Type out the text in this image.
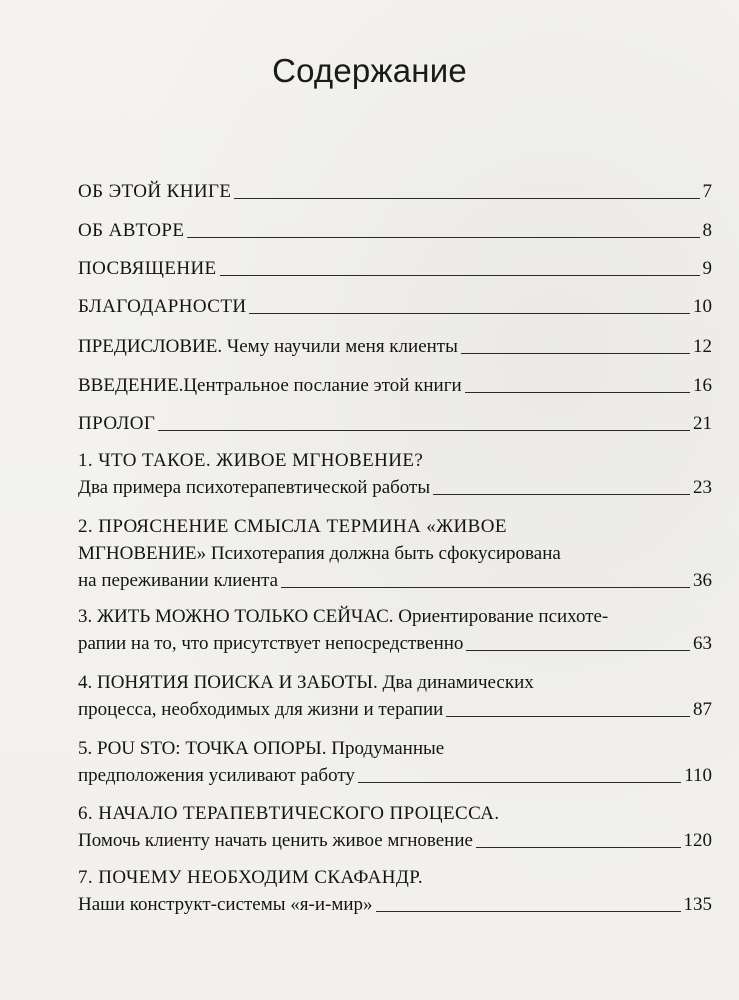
Содержание
ОБ ЭТОЙ КНИГЕ	7
ОБ АВТОРЕ	8
ПОСВЯЩЕНИЕ	9
БЛАГОДАРНОСТИ	10
ПРЕДИСЛОВИЕ. Чему научили меня клиенты	12
ВВЕДЕНИЕ.Центральное послание этой книги	16
ПРОЛОГ	21
1. ЧТО ТАКОЕ. ЖИВОЕ МГНОВЕНИЕ?
Два примера психотерапевтической работы	23
2. ПРОЯСНЕНИЕ СМЫСЛА ТЕРМИНА «ЖИВОЕ
МГНОВЕНИЕ» Психотерапия должна быть сфокусирована
на переживании клиента	36
3. ЖИТЬ МОЖНО ТОЛЬКО СЕЙЧАС. Ориентирование психоте-
рапии на то, что присутствует непосредственно	63
4. ПОНЯТИЯ ПОИСКА И ЗАБОТЫ. Два динамических
процесса, необходимых для жизни и терапии	87
5. POU STO: ТОЧКА ОПОРЫ. Продуманные
предположения усиливают работу	110
6. НАЧАЛО ТЕРАПЕВТИЧЕСКОГО ПРОЦЕССА.
Помочь клиенту начать ценить живое мгновение	120
7. ПОЧЕМУ НЕОБХОДИМ СКАФАНДР.
Наши конструкт-системы «я-и-мир»	135
